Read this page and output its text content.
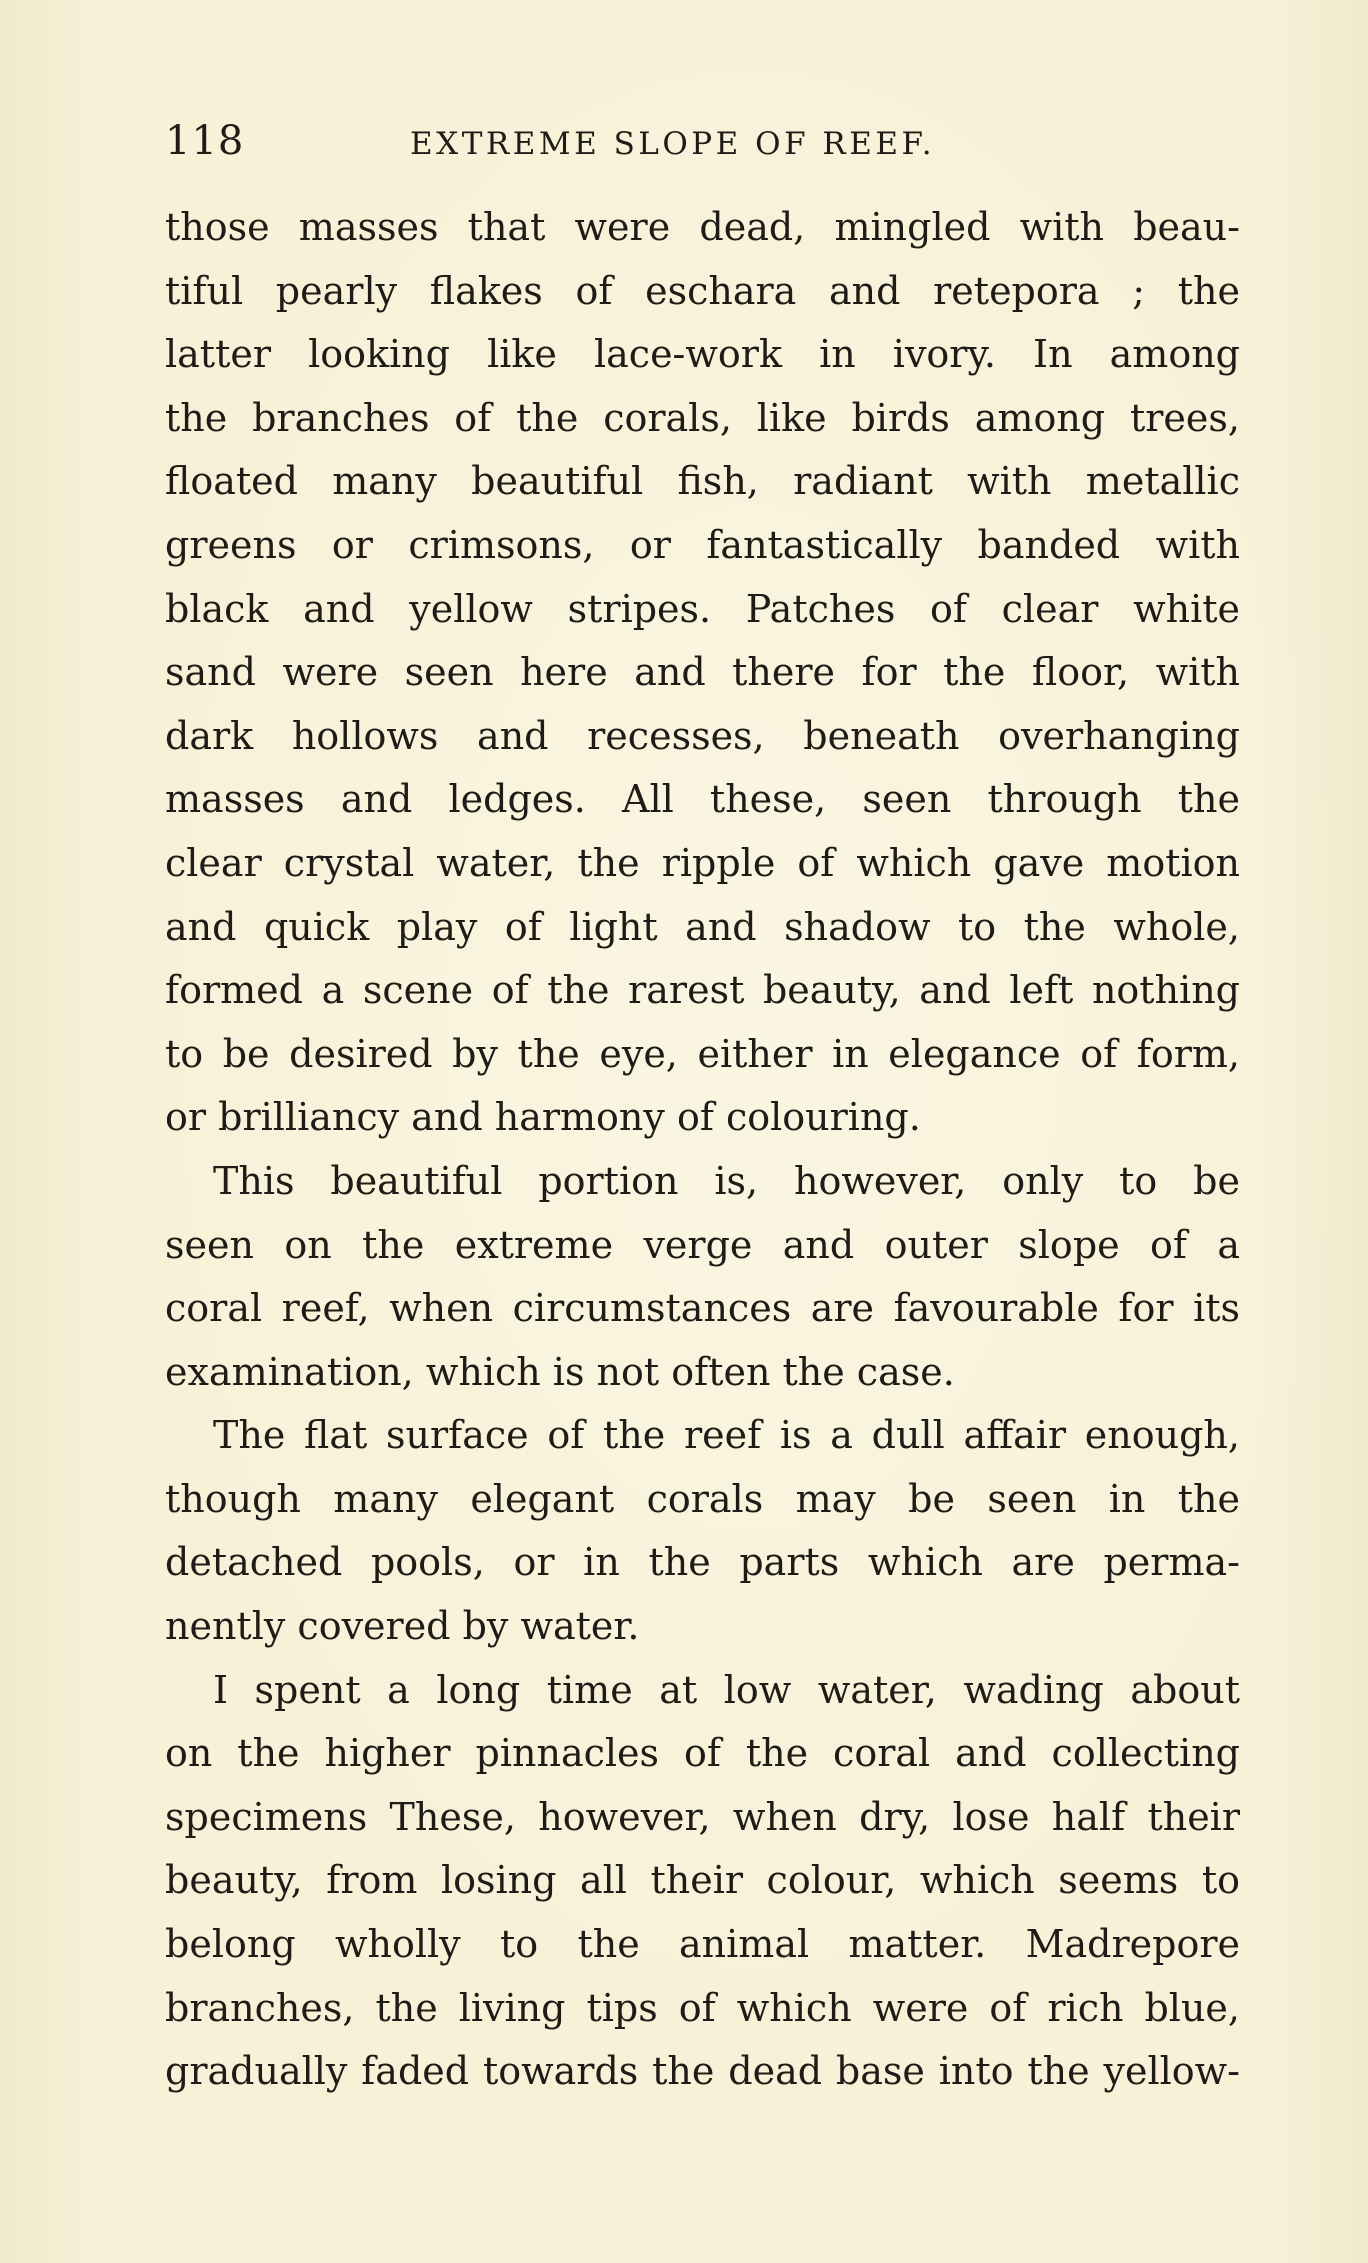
118	EXTREME SLOPE OF REEF.
those masses that were dead, mingled with beau-
tiful pearly flakes of eschara and retepora ; the
latter looking like lace-work in ivory. In among
the branches of the corals, like birds among trees,
floated many beautiful fish, radiant with metallic
greens or crimsons, or fantastically banded with
black and yellow stripes. Patches of clear white
sand were seen here and there for the floor, with
dark hollows and recesses, beneath overhanging
masses and ledges. All these, seen through the
clear crystal water, the ripple of which gave motion
and quick play of light and shadow to the whole,
formed a scene of the rarest beauty, and left nothing
to be desired by the eye, either in elegance of form,
or brilliancy and harmony of colouring.
This beautiful portion is, however, only to be
seen on the extreme verge and outer slope of a
coral reef, when circumstances are favourable for its
examination, which is not often the case.
The flat surface of the reef is a dull affair enough,
though many elegant corals may be seen in the
detached pools, or in the parts which are perma-
nently covered by water.
I spent a long time at low water, wading about
on the higher pinnacles of the coral and collecting
specimens These, however, when dry, lose half their
beauty, from losing all their colour, which seems to
belong wholly to the animal matter. Madrepore
branches, the living tips of which were of rich blue,
gradually faded towards the dead base into the yellow-
